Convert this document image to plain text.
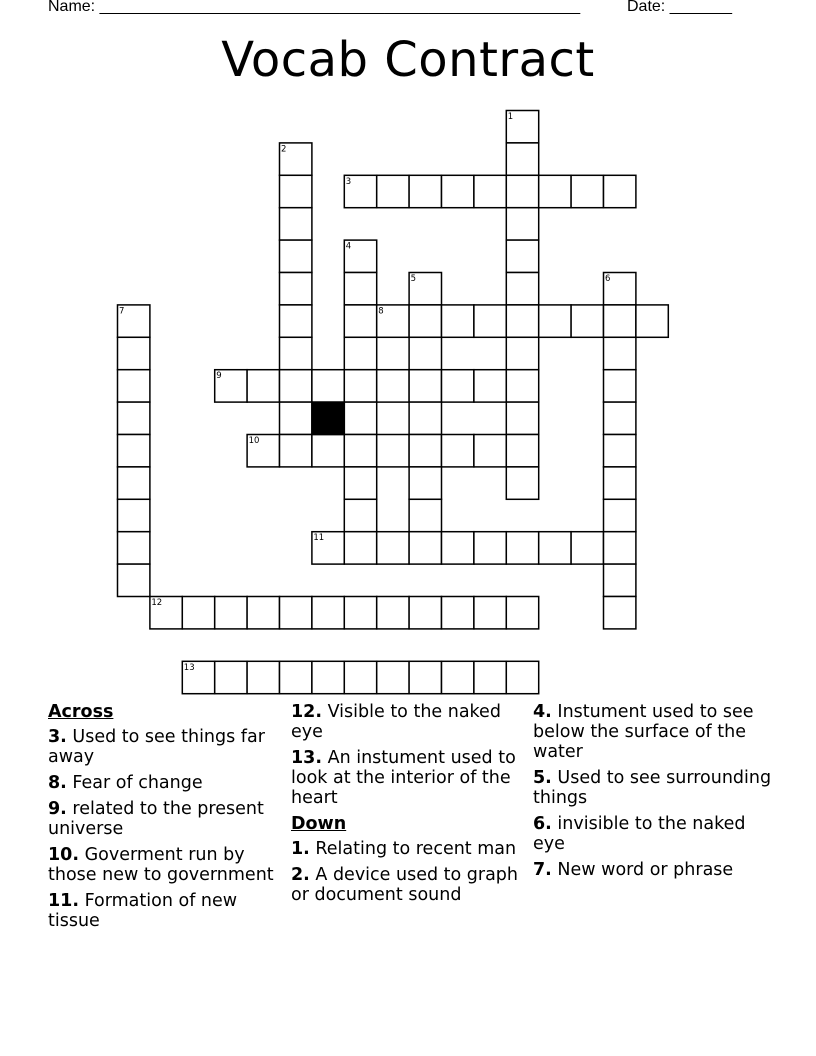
Name: ______________________________________________________	Date: _______
Vocab Contract
1
2
3
4
5	6
7	8
9
10
11
12
13
Across
3. Used to see things far away
8. Fear of change
9. related to the present universe
10. Goverment run by those new to government
11. Formation of new tissue
12. Visible to the naked eye
13. An instument used to look at the interior of the heart
Down
1. Relating to recent man
2. A device used to graph or document sound
4. Instument used to see below the surface of the water
5. Used to see surrounding things
6. invisible to the naked eye
7. New word or phrase
